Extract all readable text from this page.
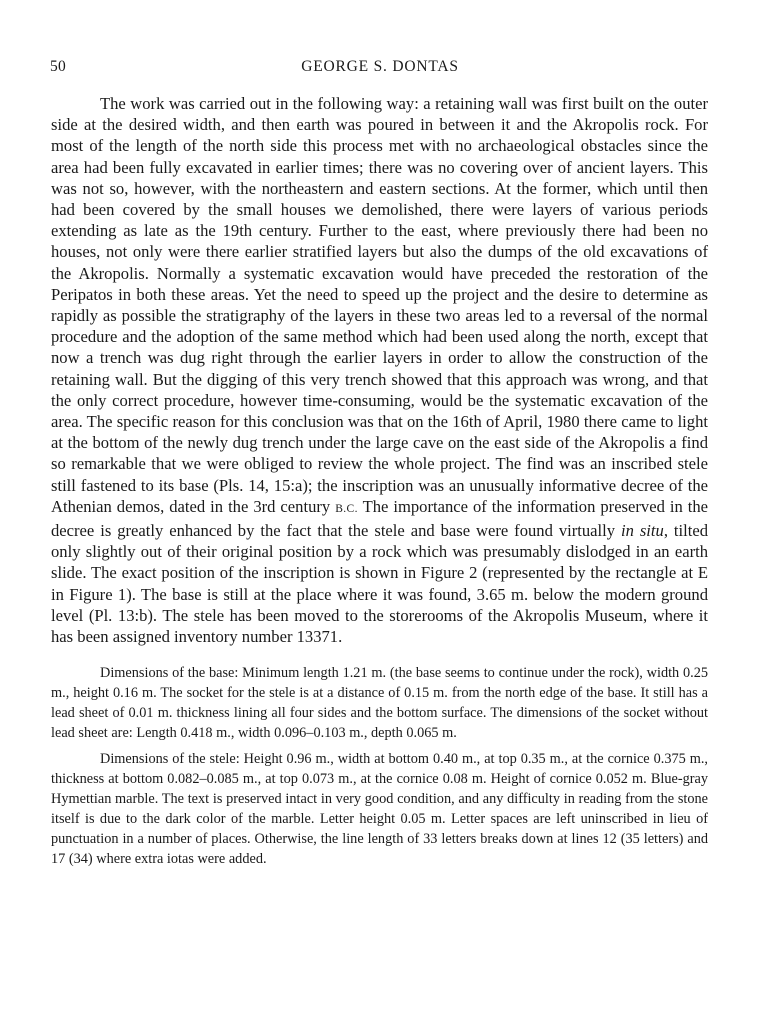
50	GEORGE S. DONTAS

The work was carried out in the following way: a retaining wall was first built on the outer side at the desired width, and then earth was poured in between it and the Akropolis rock. For most of the length of the north side this process met with no archaeological obstacles since the area had been fully excavated in earlier times; there was no covering over of ancient layers. This was not so, however, with the northeastern and eastern sections. At the former, which until then had been covered by the small houses we demolished, there were layers of various periods extending as late as the 19th century. Further to the east, where previously there had been no houses, not only were there earlier stratified layers but also the dumps of the old excavations of the Akropolis. Normally a systematic excavation would have preceded the restoration of the Peripatos in both these areas. Yet the need to speed up the project and the desire to determine as rapidly as possible the stratigraphy of the layers in these two areas led to a reversal of the normal procedure and the adoption of the same method which had been used along the north, except that now a trench was dug right through the earlier layers in order to allow the construction of the retaining wall. But the digging of this very trench showed that this approach was wrong, and that the only correct procedure, however time-consuming, would be the systematic excavation of the area. The specific reason for this conclusion was that on the 16th of April, 1980 there came to light at the bottom of the newly dug trench under the large cave on the east side of the Akropolis a find so remarkable that we were obliged to review the whole project. The find was an inscribed stele still fastened to its base (Pls. 14, 15:a); the inscription was an unusually informative decree of the Athenian demos, dated in the 3rd century B.C. The importance of the information preserved in the decree is greatly enhanced by the fact that the stele and base were found virtually in situ, tilted only slightly out of their original position by a rock which was presumably dislodged in an earth slide. The exact position of the inscription is shown in Figure 2 (represented by the rectangle at E in Figure 1). The base is still at the place where it was found, 3.65 m. below the modern ground level (Pl. 13:b). The stele has been moved to the storerooms of the Akropolis Museum, where it has been assigned inventory number 13371.

Dimensions of the base: Minimum length 1.21 m. (the base seems to continue under the rock), width 0.25 m., height 0.16 m. The socket for the stele is at a distance of 0.15 m. from the north edge of the base. It still has a lead sheet of 0.01 m. thickness lining all four sides and the bottom surface. The dimensions of the socket without lead sheet are: Length 0.418 m., width 0.096–0.103 m., depth 0.065 m.

Dimensions of the stele: Height 0.96 m., width at bottom 0.40 m., at top 0.35 m., at the cornice 0.375 m., thickness at bottom 0.082–0.085 m., at top 0.073 m., at the cornice 0.08 m. Height of cornice 0.052 m. Blue-gray Hymettian marble. The text is preserved intact in very good condition, and any difficulty in reading from the stone itself is due to the dark color of the marble. Letter height 0.05 m. Letter spaces are left uninscribed in lieu of punctuation in a number of places. Otherwise, the line length of 33 letters breaks down at lines 12 (35 letters) and 17 (34) where extra iotas were added.
